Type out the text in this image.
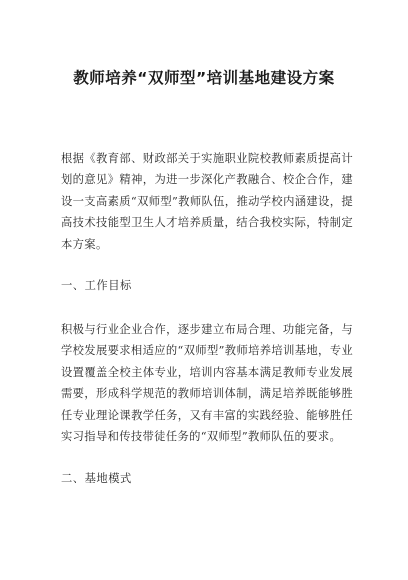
教师培养“双师型”培训基地建设方案
根据《教育部、财政部关于实施职业院校教师素质提高计划的意见》精神，为进一步深化产教融合、校企合作，建设一支高素质“双师型”教师队伍，推动学校内涵建设，提高技术技能型卫生人才培养质量，结合我校实际，特制定本方案。
一、工作目标
积极与行业企业合作，逐步建立布局合理、功能完备，与学校发展要求相适应的“双师型”教师培养培训基地，专业设置覆盖全校主体专业，培训内容基本满足教师专业发展需要，形成科学规范的教师培训体制，满足培养既能够胜任专业理论课教学任务，又有丰富的实践经验、能够胜任实习指导和传技带徒任务的“双师型”教师队伍的要求。
二、基地模式
